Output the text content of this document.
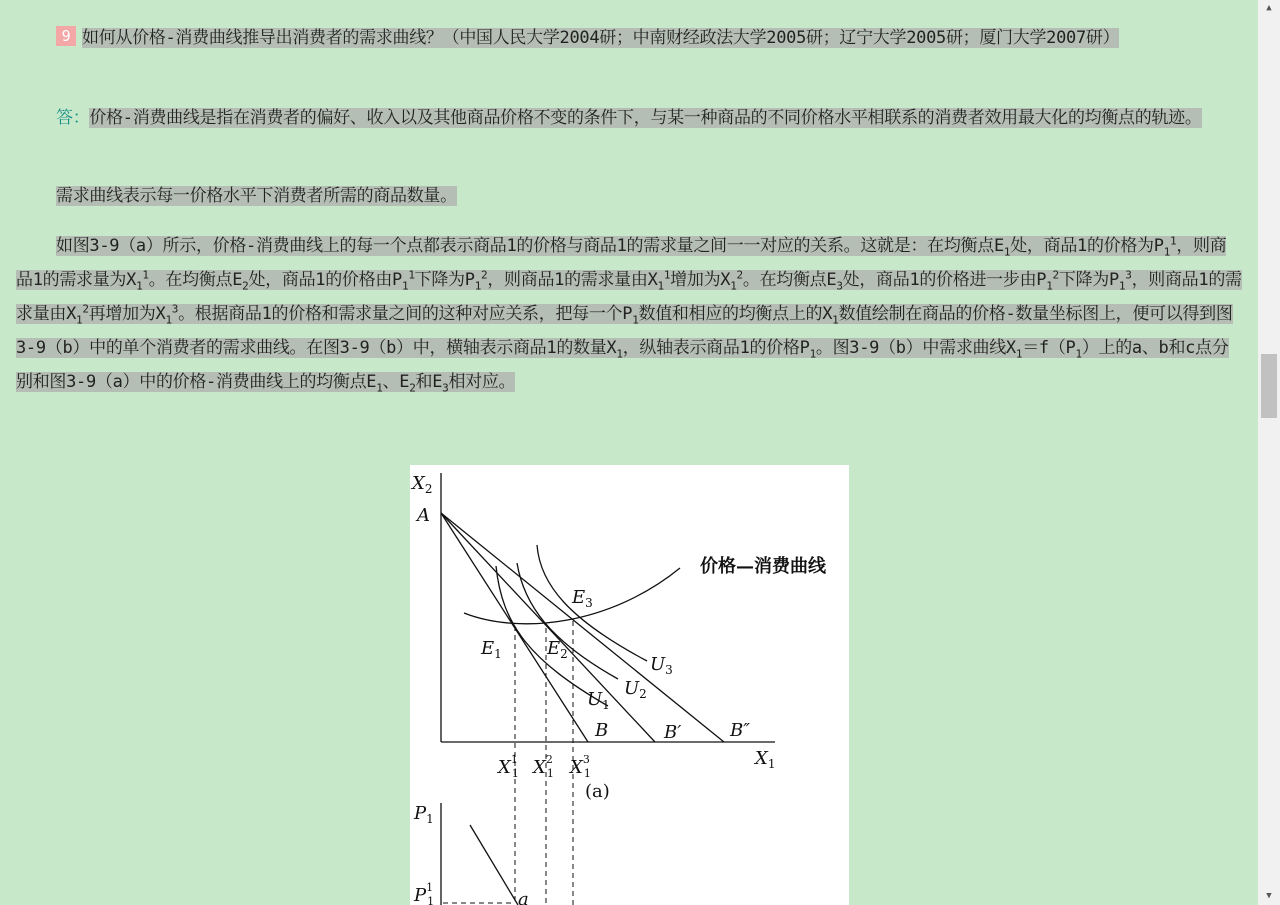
9 如何从价格-消费曲线推导出消费者的需求曲线？（中国人民大学2004研；中南财经政法大学2005研；辽宁大学2005研；厦门大学2007研）

答：价格-消费曲线是指在消费者的偏好、收入以及其他商品价格不变的条件下，与某一种商品的不同价格水平相联系的消费者效用最大化的均衡点的轨迹。

需求曲线表示每一价格水平下消费者所需的商品数量。

如图3-9（a）所示，价格-消费曲线上的每一个点都表示商品1的价格与商品1的需求量之间一一对应的关系。这就是：在均衡点$E_1$处，商品1的价格为$P_1^1$，则商品1的需求量为$X_1^1$。在均衡点$E_2$处，商品1的价格由$P_1^1$下降为$P_1^2$，则商品1的需求量由$X_1^1$增加为$X_1^2$。在均衡点$E_3$处，商品1的价格进一步由$P_1^2$下降为$P_1^3$，则商品1的需求量由$X_1^2$再增加为$X_1^3$。根据商品1的价格和需求量之间的这种对应关系，把每一个$P_1$数值和相应的均衡点上的$X_1$数值绘制在商品的价格-数量坐标图上，便可以得到图3-9（b）中的单个消费者的需求曲线。在图3-9（b）中，横轴表示商品1的数量$X_1$，纵轴表示商品1的价格$P_1$。图3-9（b）中需求曲线$X_1=f(P_1)$上的a、b和c点分别和图3-9（a）中的价格-消费曲线上的均衡点$E_1$、$E_2$和$E_3$相对应。

$X_2$
A
$E_3$
$E_1$	$E_2$	$U_3$
$U_2$
$U_1$
B	B′	B″
$X_1$
$X^1$ 1 $X^2$ 1 $X^3$ 1
$P_1$
$P^1$ 1	a
(a)
价格—消费曲线
▲
▼
